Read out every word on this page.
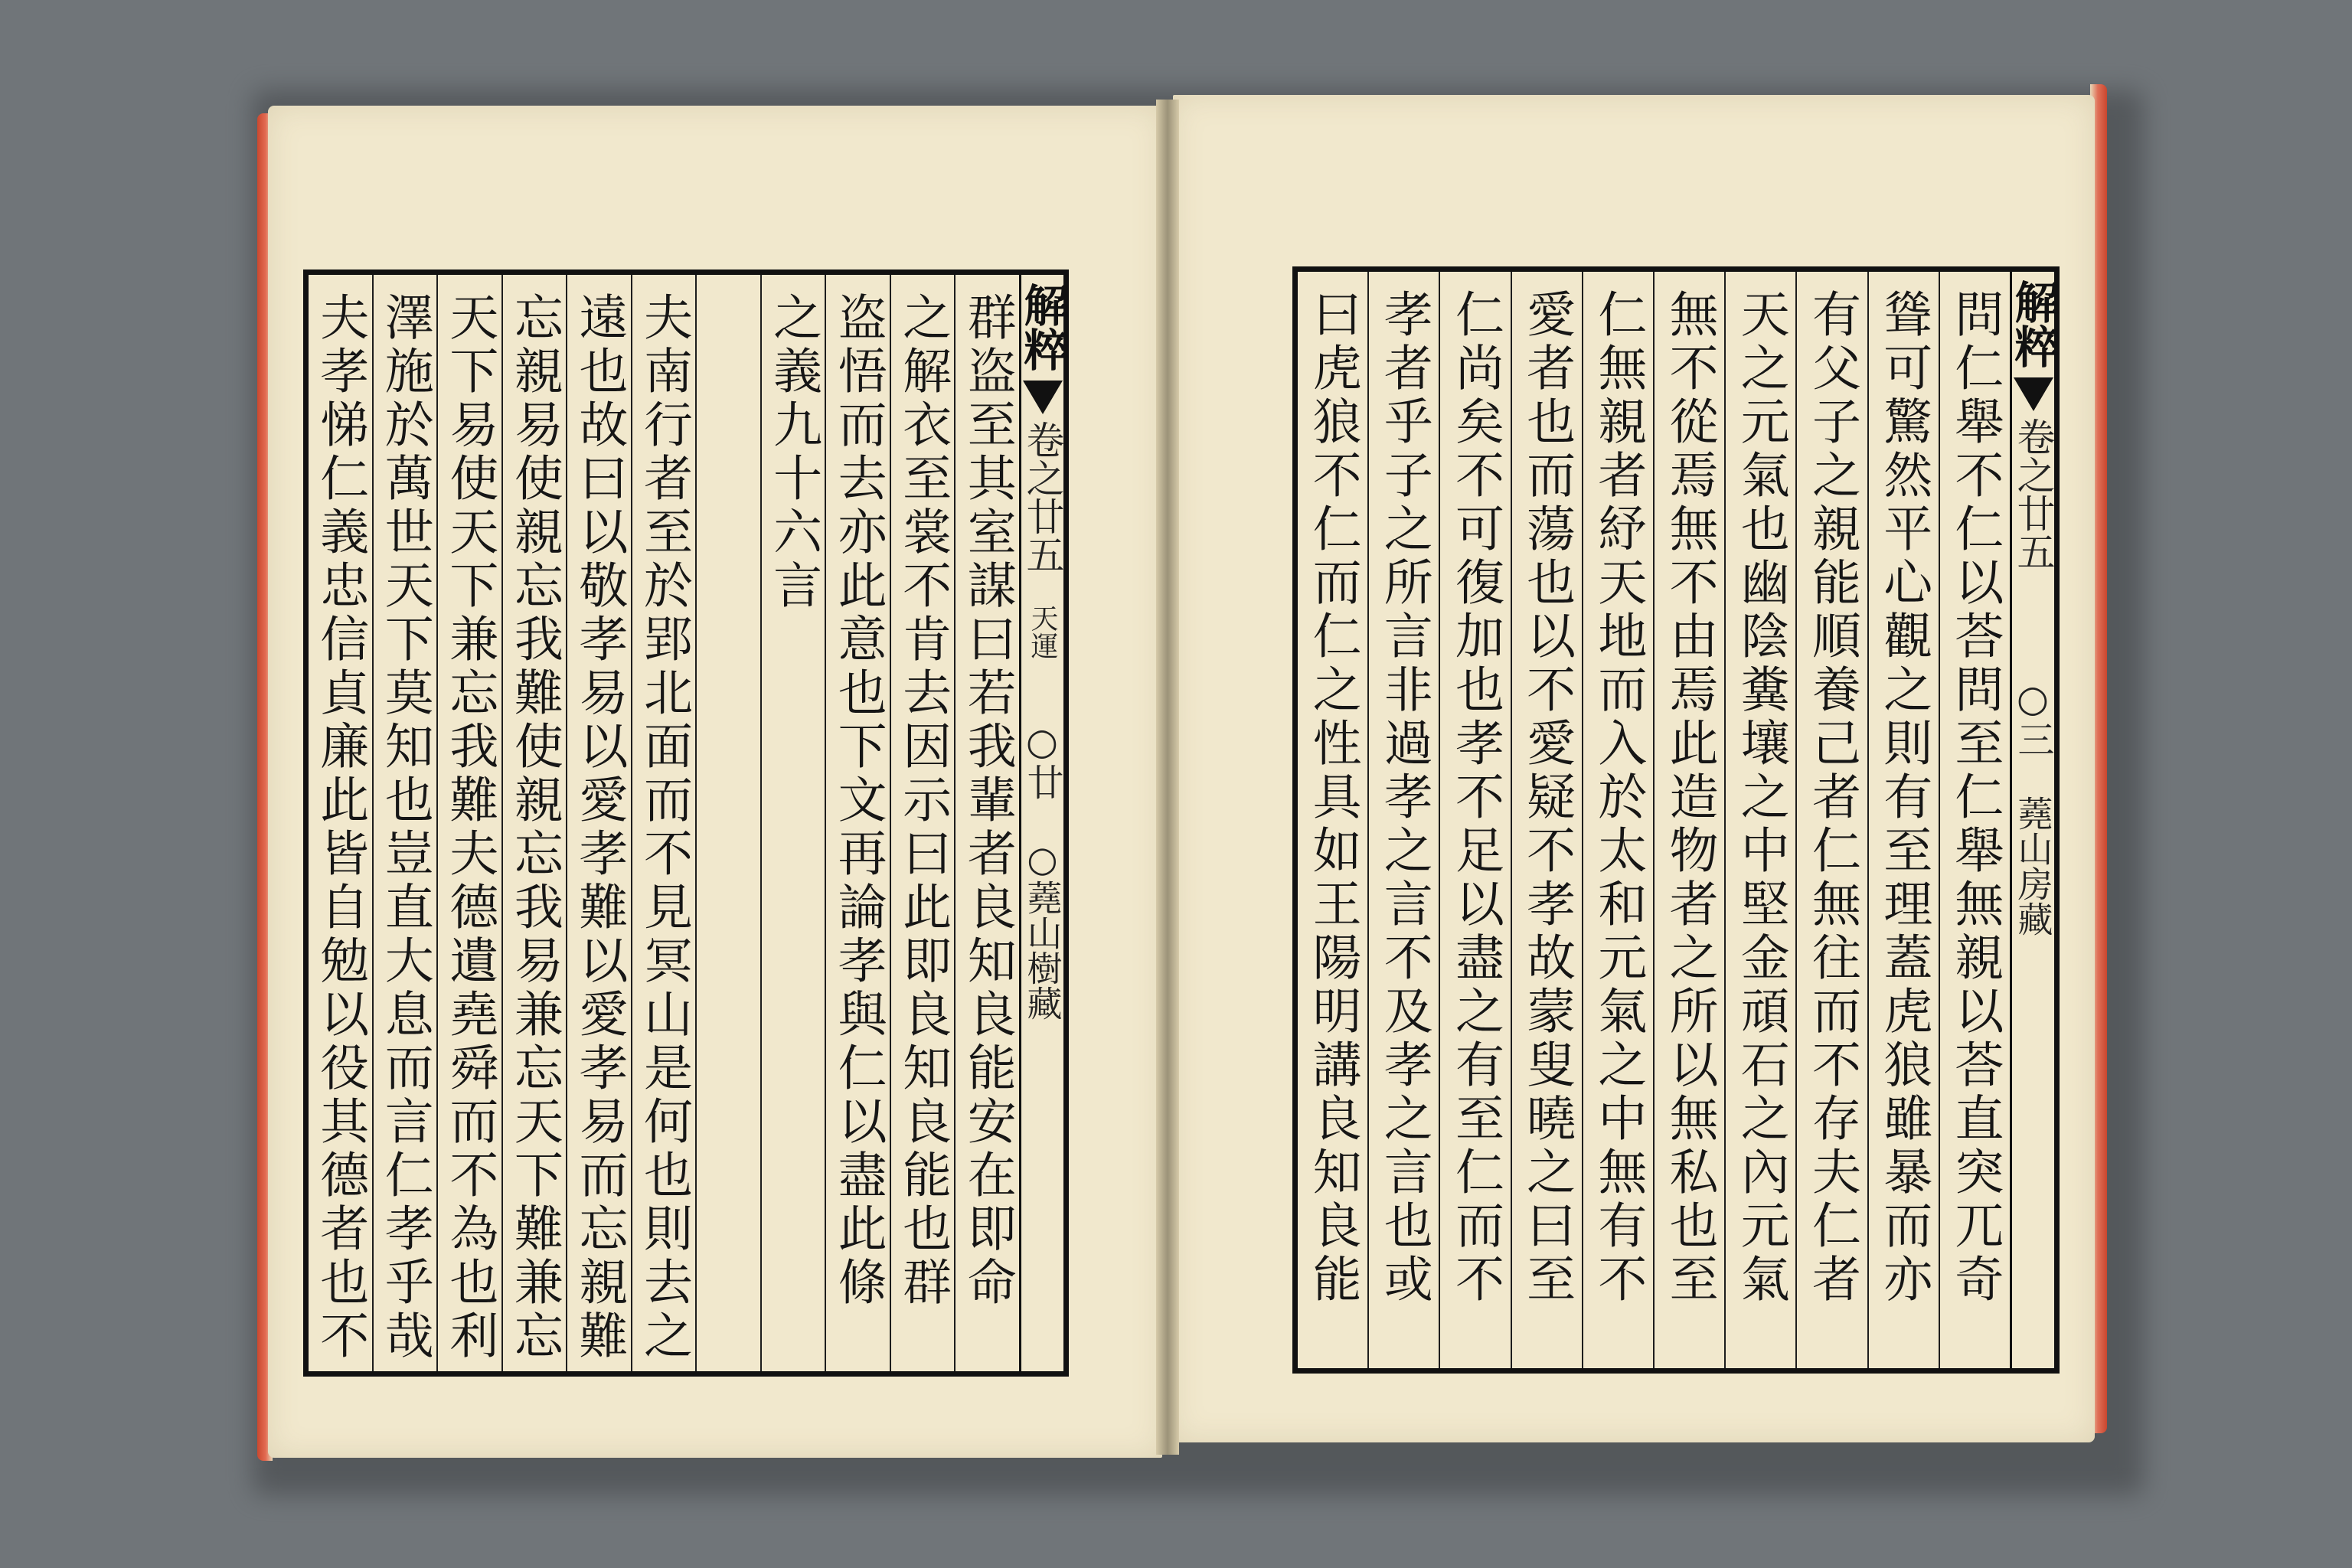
解粹
卷之廿五
天運
○廿
○蕘山樹藏
群盗至其室謀曰若我輩者良知良能安在即命
之解衣至裳不肯去因示曰此即良知良能也群
盗悟而去亦此意也下文再論孝與仁以盡此條
之義九十六言
夫南行者至於郢北面而不見冥山是何也則去之
遠也故曰以敬孝易以愛孝難以愛孝易而忘親難
忘親易使親忘我難使親忘我易兼忘天下難兼忘
天下易使天下兼忘我難夫德遺堯舜而不為也利
澤施於萬世天下莫知也豈直大息而言仁孝乎哉
夫孝悌仁義忠信貞廉此皆自勉以役其德者也不	解粹
卷之廿五
○三
蕘山房藏
問仁舉不仁以荅問至仁舉無親以荅直突兀奇
聳可驚然平心觀之則有至理蓋虎狼雖暴而亦
有父子之親能順養己者仁無往而不存夫仁者
天之元氣也幽陰糞壤之中堅金頑石之內元氣
無不從焉無不由焉此造物者之所以無私也至
仁無親者紓天地而入於太和元氣之中無有不
愛者也而蕩也以不愛疑不孝故蒙叟曉之曰至
仁尚矣不可復加也孝不足以盡之有至仁而不
孝者乎子之所言非過孝之言不及孝之言也或
曰虎狼不仁而仁之性具如王陽明講良知良能
